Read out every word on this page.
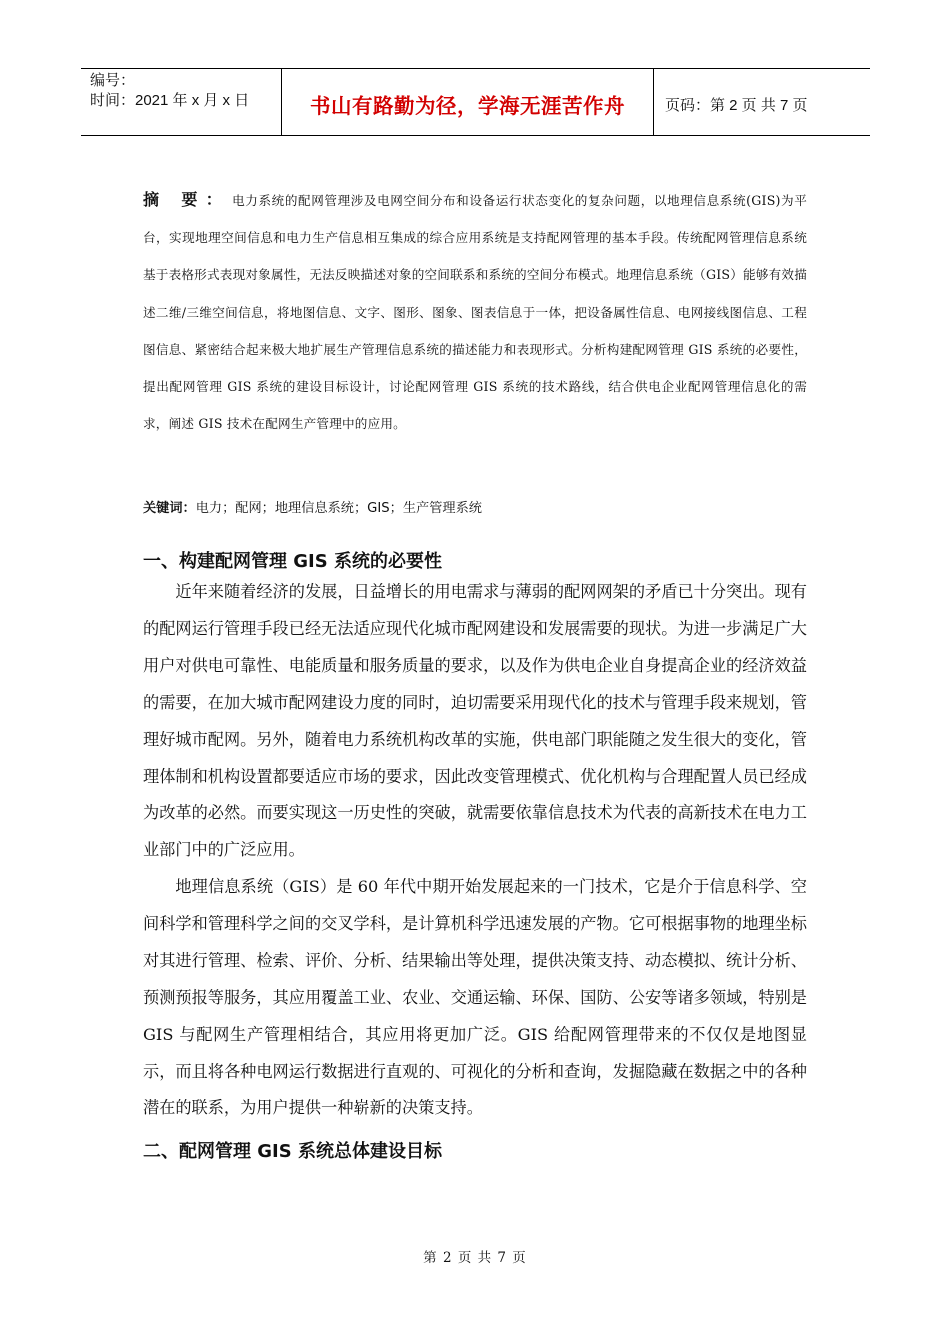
编号：
时间：2021 年 x 月 x 日	书山有路勤为径，学海无涯苦作舟	页码：第 2 页 共 7 页
摘 要： 电力系统的配网管理涉及电网空间分布和设备运行状态变化的复杂问题，以地理信息系统(GIS)为平台，实现地理空间信息和电力生产信息相互集成的综合应用系统是支持配网管理的基本手段。传统配网管理信息系统基于表格形式表现对象属性，无法反映描述对象的空间联系和系统的空间分布模式。地理信息系统（GIS）能够有效描述二维/三维空间信息，将地图信息、文字、图形、图象、图表信息于一体，把设备属性信息、电网接线图信息、工程图信息、紧密结合起来极大地扩展生产管理信息系统的描述能力和表现形式。分析构建配网管理 GIS 系统的必要性，提出配网管理 GIS 系统的建设目标设计，讨论配网管理 GIS 系统的技术路线，结合供电企业配网管理信息化的需求，阐述 GIS 技术在配网生产管理中的应用。
关键词：电力；配网；地理信息系统；GIS；生产管理系统
一、构建配网管理 GIS 系统的必要性

近年来随着经济的发展，日益增长的用电需求与薄弱的配网网架的矛盾已十分突出。现有的配网运行管理手段已经无法适应现代化城市配网建设和发展需要的现状。为进一步满足广大用户对供电可靠性、电能质量和服务质量的要求，以及作为供电企业自身提高企业的经济效益的需要，在加大城市配网建设力度的同时，迫切需要采用现代化的技术与管理手段来规划，管理好城市配网。另外，随着电力系统机构改革的实施，供电部门职能随之发生很大的变化，管理体制和机构设置都要适应市场的要求，因此改变管理模式、优化机构与合理配置人员已经成为改革的必然。而要实现这一历史性的突破，就需要依靠信息技术为代表的高新技术在电力工业部门中的广泛应用。

地理信息系统（GIS）是 60 年代中期开始发展起来的一门技术，它是介于信息科学、空间科学和管理科学之间的交叉学科，是计算机科学迅速发展的产物。它可根据事物的地理坐标对其进行管理、检索、评价、分析、结果输出等处理，提供决策支持、动态模拟、统计分析、预测预报等服务，其应用覆盖工业、农业、交通运输、环保、国防、公安等诸多领域，特别是 GIS 与配网生产管理相结合，其应用将更加广泛。GIS 给配网管理带来的不仅仅是地图显示，而且将各种电网运行数据进行直观的、可视化的分析和查询，发掘隐藏在数据之中的各种潜在的联系，为用户提供一种崭新的决策支持。

二、配网管理 GIS 系统总体建设目标
第 2 页 共 7 页
